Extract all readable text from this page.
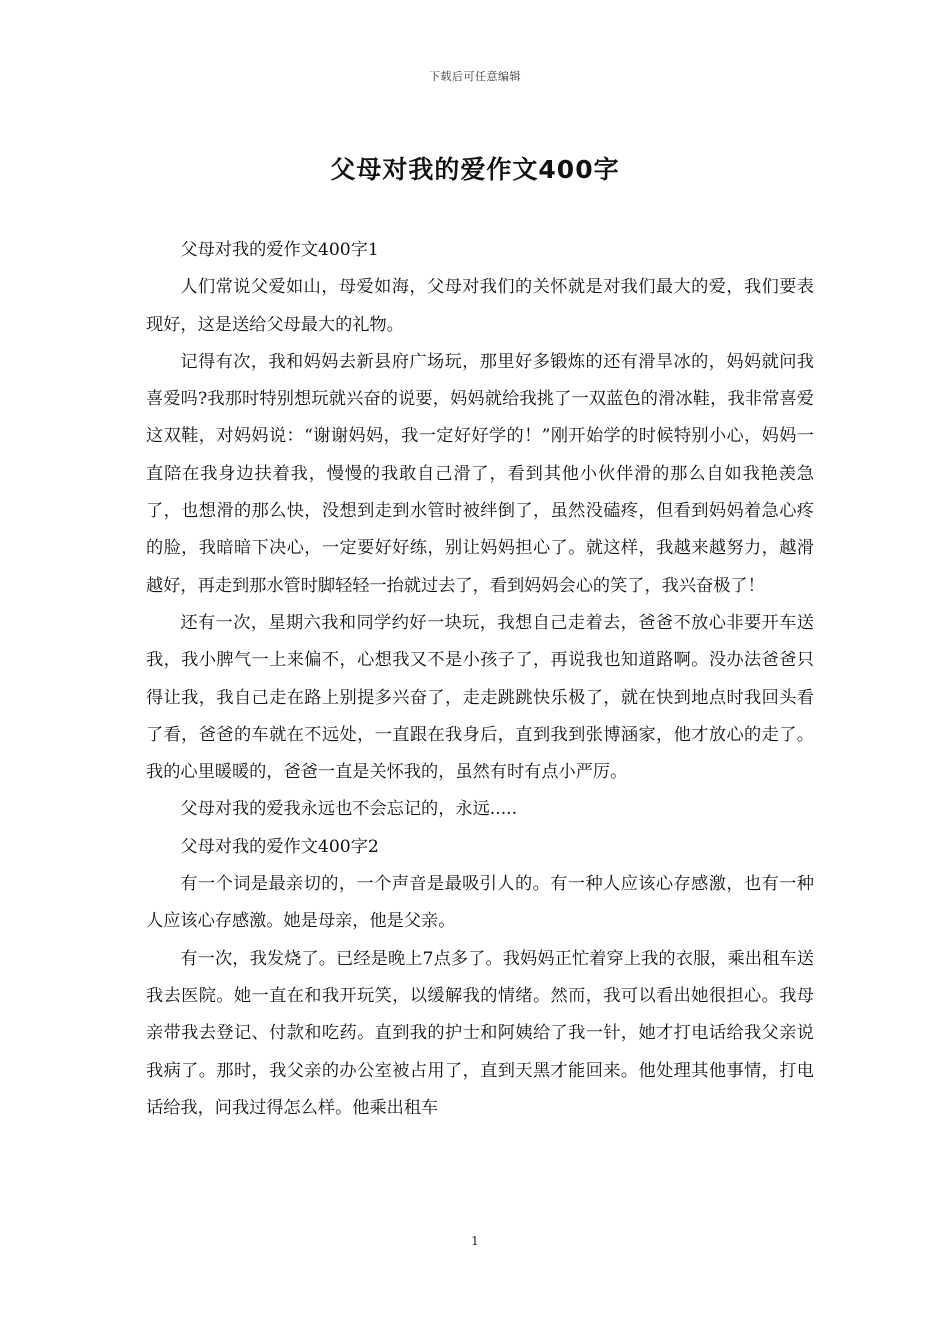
下载后可任意编辑
父母对我的爱作文400字

父母对我的爱作文400字1

人们常说父爱如山，母爱如海，父母对我们的关怀就是对我们最大的爱，我们要表现好，这是送给父母最大的礼物。

记得有次，我和妈妈去新县府广场玩，那里好多锻炼的还有滑旱冰的，妈妈就问我喜爱吗?我那时特别想玩就兴奋的说要，妈妈就给我挑了一双蓝色的滑冰鞋，我非常喜爱这双鞋，对妈妈说：“谢谢妈妈，我一定好好学的！”刚开始学的时候特别小心，妈妈一直陪在我身边扶着我，慢慢的我敢自己滑了，看到其他小伙伴滑的那么自如我艳羡急了，也想滑的那么快，没想到走到水管时被绊倒了，虽然没磕疼，但看到妈妈着急心疼的脸，我暗暗下决心，一定要好好练，别让妈妈担心了。就这样，我越来越努力，越滑越好，再走到那水管时脚轻轻一抬就过去了，看到妈妈会心的笑了，我兴奋极了！

还有一次，星期六我和同学约好一块玩，我想自己走着去，爸爸不放心非要开车送我，我小脾气一上来偏不，心想我又不是小孩子了，再说我也知道路啊。没办法爸爸只得让我，我自己走在路上别提多兴奋了，走走跳跳快乐极了，就在快到地点时我回头看了看，爸爸的车就在不远处，一直跟在我身后，直到我到张博涵家，他才放心的走了。我的心里暖暖的，爸爸一直是关怀我的，虽然有时有点小严厉。

父母对我的爱我永远也不会忘记的，永远.....

父母对我的爱作文400字2

有一个词是最亲切的，一个声音是最吸引人的。有一种人应该心存感激，也有一种人应该心存感激。她是母亲，他是父亲。

有一次，我发烧了。已经是晚上7点多了。我妈妈正忙着穿上我的衣服，乘出租车送我去医院。她一直在和我开玩笑，以缓解我的情绪。然而，我可以看出她很担心。我母亲带我去登记、付款和吃药。直到我的护士和阿姨给了我一针，她才打电话给我父亲说我病了。那时，我父亲的办公室被占用了，直到天黑才能回来。他处理其他事情，打电话给我，问我过得怎么样。他乘出租车

1
